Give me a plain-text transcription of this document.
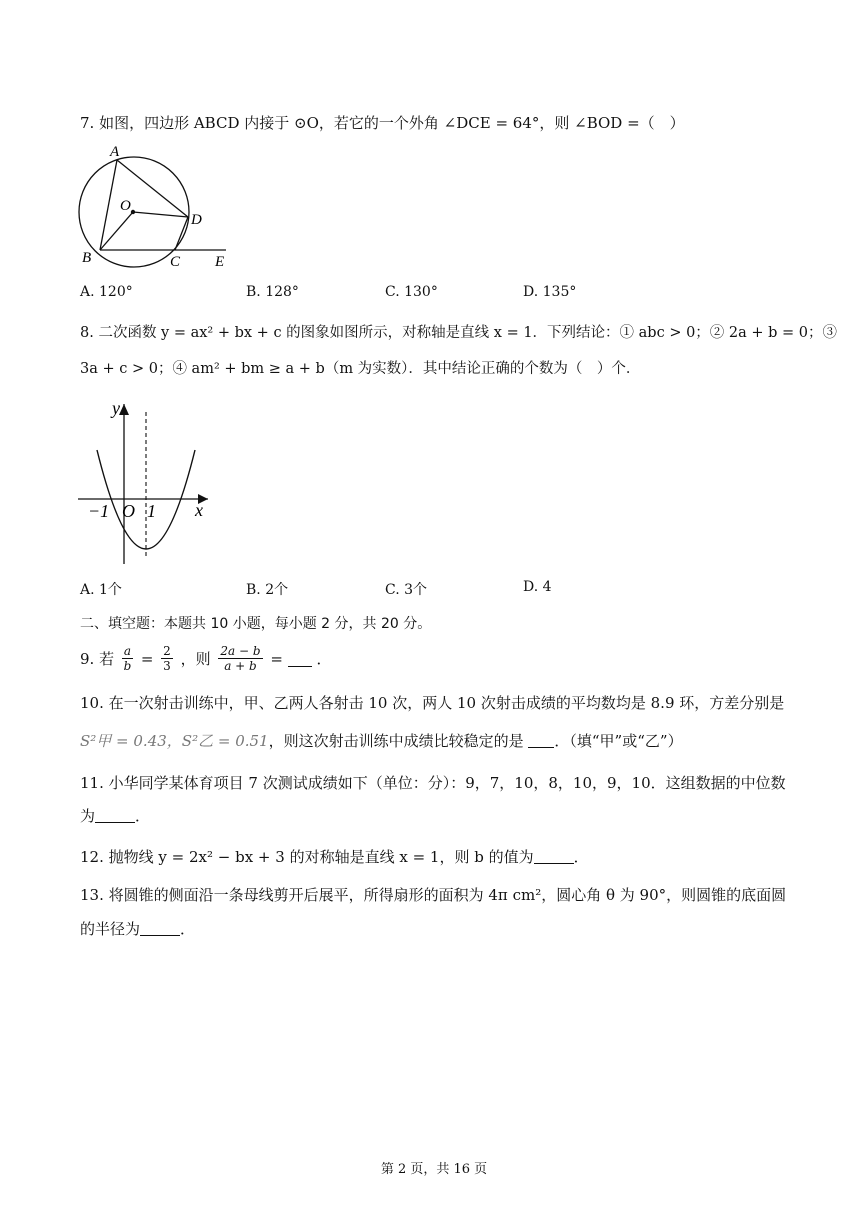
7. 如图，四边形 ABCD 内接于 ⊙O，若它的一个外角 ∠DCE = 64°，则 ∠BOD =（　）
A
O
D
B	C E
A. 120°	B. 128°	C. 130°	D. 135°
8. 二次函数 y = ax² + bx + c 的图象如图所示，对称轴是直线 x = 1．下列结论：① abc > 0；② 2a + b = 0；③
3a + c > 0；④ am² + bm ≥ a + b（m 为实数）．其中结论正确的个数为（　）个．
y
x
O
−1 1
A. 1个	B. 2个	C. 3个	D. 4
二、填空题：本题共 10 小题，每小题 2 分，共 20 分。
9. 若 $\frac{a}{b} = \frac{2}{3}$ ，则 $\frac{2a - b}{a + b}$ = ．
10. 在一次射击训练中，甲、乙两人各射击 10 次，两人 10 次射击成绩的平均数均是 8.9 环，方差分别是
S²甲 = 0.43，S²乙 = 0.51，则这次射击训练中成绩比较稳定的是 ．（填“甲”或“乙”）
11. 小华同学某体育项目 7 次测试成绩如下（单位：分）：9，7，10，8，10，9，10．这组数据的中位数
为	．
12. 抛物线 y = 2x² − bx + 3 的对称轴是直线 x = 1，则 b 的值为	．
13. 将圆锥的侧面沿一条母线剪开后展平，所得扇形的面积为 4π cm²，圆心角 θ 为 90°，则圆锥的底面圆
的半径为	．
第 2 页，共 16 页
